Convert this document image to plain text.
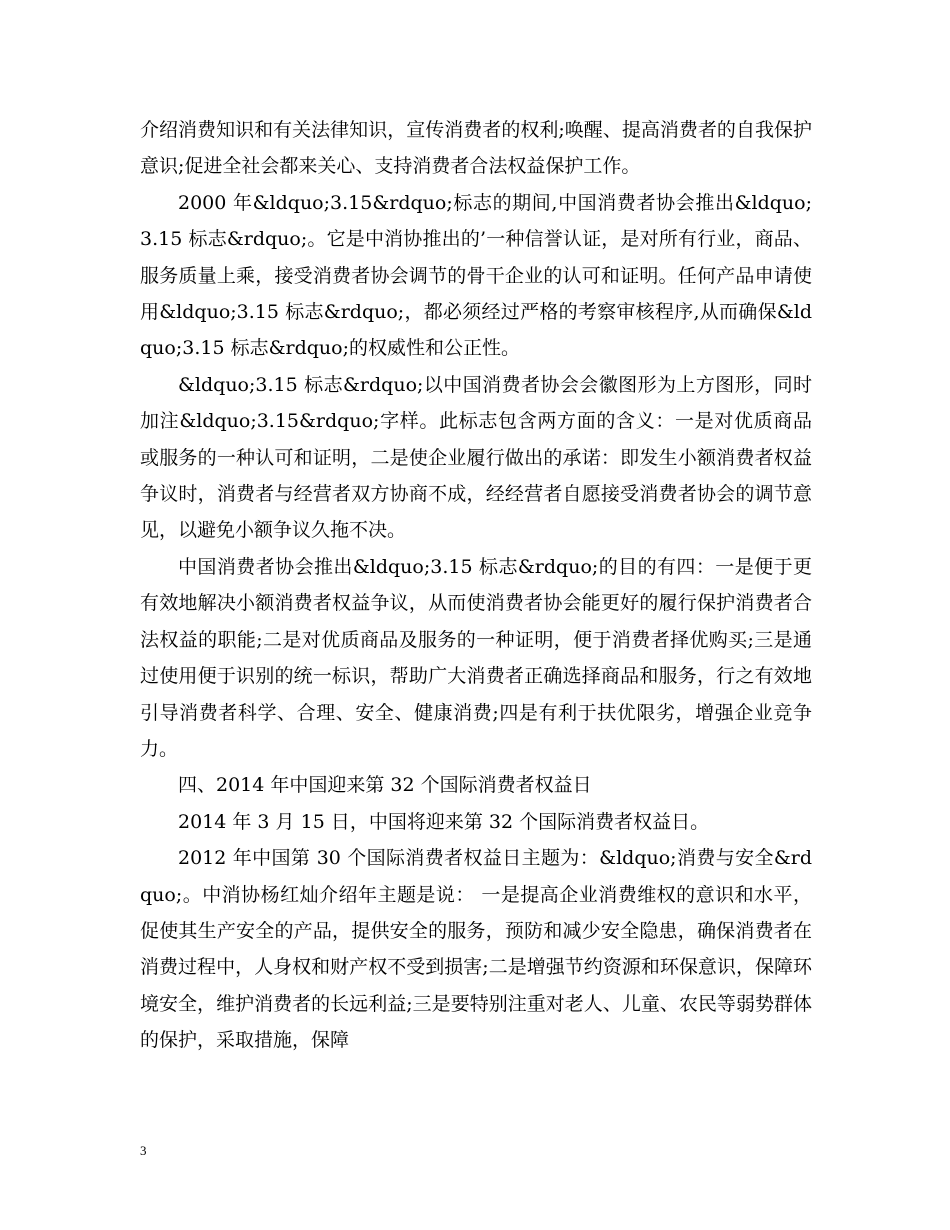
介绍消费知识和有关法律知识，宣传消费者的权利;唤醒、提高消费者的自我保护意识;促进全社会都来关心、支持消费者合法权益保护工作。

2000 年&ldquo;3.15&rdquo;标志的期间,中国消费者协会推出&ldquo;3.15 标志&rdquo;。它是中消协推出的’一种信誉认证，是对所有行业，商品、服务质量上乘，接受消费者协会调节的骨干企业的认可和证明。任何产品申请使用&ldquo;3.15 标志&rdquo;，都必须经过严格的考察审核程序,从而确保&ldquo;3.15 标志&rdquo;的权威性和公正性。

&ldquo;3.15 标志&rdquo;以中国消费者协会会徽图形为上方图形，同时加注&ldquo;3.15&rdquo;字样。此标志包含两方面的含义：一是对优质商品或服务的一种认可和证明，二是使企业履行做出的承诺：即发生小额消费者权益争议时，消费者与经营者双方协商不成，经经营者自愿接受消费者协会的调节意见，以避免小额争议久拖不决。

中国消费者协会推出&ldquo;3.15 标志&rdquo;的目的有四：一是便于更有效地解决小额消费者权益争议，从而使消费者协会能更好的履行保护消费者合法权益的职能;二是对优质商品及服务的一种证明，便于消费者择优购买;三是通过使用便于识别的统一标识，帮助广大消费者正确选择商品和服务，行之有效地引导消费者科学、合理、安全、健康消费;四是有利于扶优限劣，增强企业竞争力。

四、2014 年中国迎来第 32 个国际消费者权益日

2014 年 3 月 15 日，中国将迎来第 32 个国际消费者权益日。

2012 年中国第 30 个国际消费者权益日主题为：&ldquo;消费与安全&rdquo;。中消协杨红灿介绍年主题是说： 一是提高企业消费维权的意识和水平，促使其生产安全的产品，提供安全的服务，预防和减少安全隐患，确保消费者在消费过程中，人身权和财产权不受到损害;二是增强节约资源和环保意识，保障环境安全，维护消费者的长远利益;三是要特别注重对老人、儿童、农民等弱势群体的保护，采取措施，保障

3
